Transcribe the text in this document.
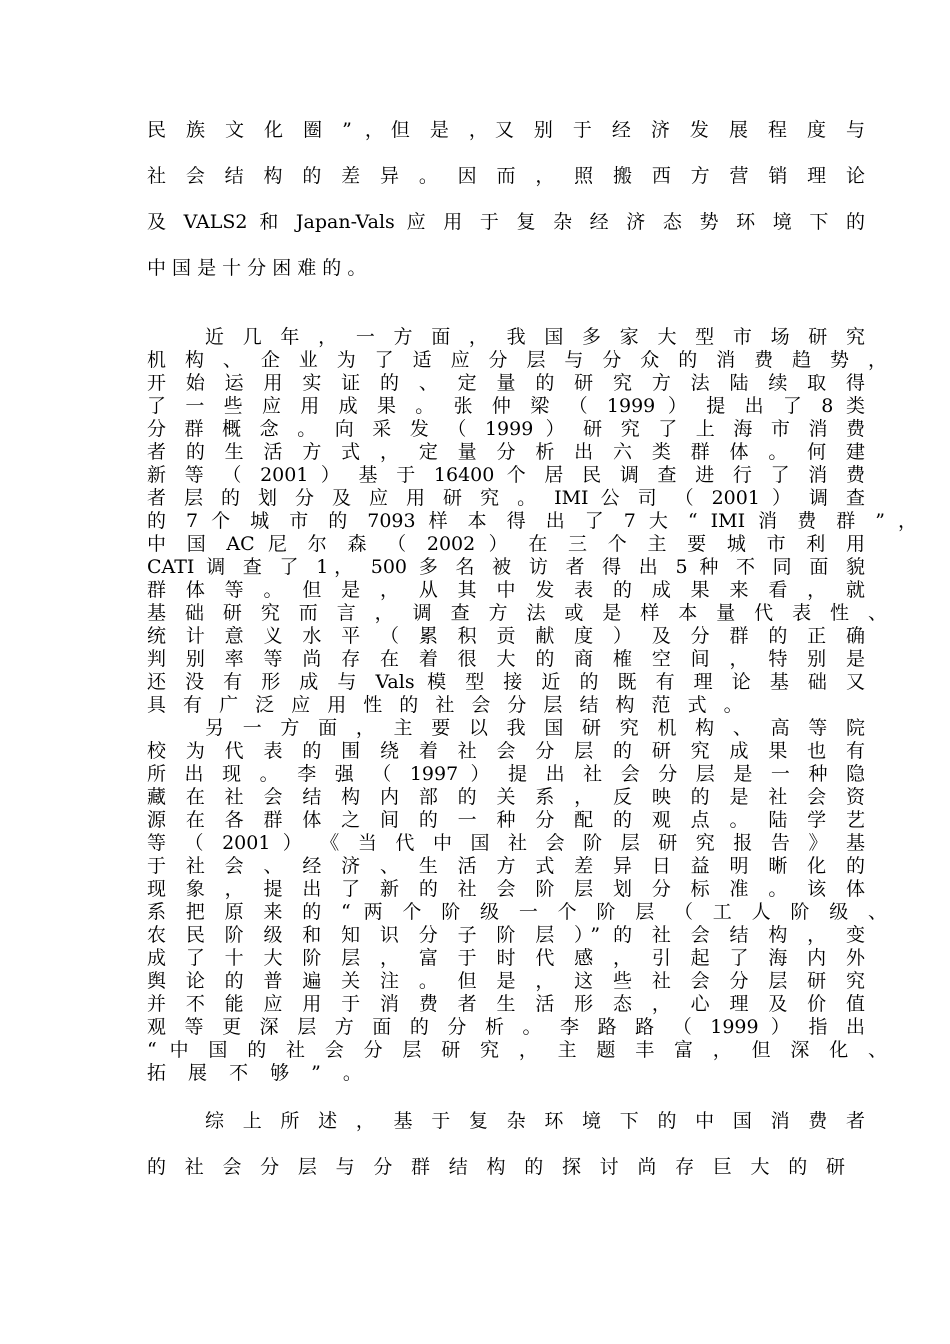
民 族 文 化 圈 ” ，但 是 ，又 别 于 经 济 发 展 程 度 与
社 会 结 构 的 差 异 。 因 而 ， 照 搬 西 方 营 销 理 论
及 VALS2 和 Japan-Vals 应 用 于 复 杂 经 济 态 势 环 境 下 的
中 国 是 十 分 困 难 的 。
近 几 年 ， 一 方 面 ， 我 国 多 家 大 型 市 场 研 究
机 构 、 企 业 为 了 适 应 分 层 与 分 众 的 消 费 趋 势 ，
开 始 运 用 实 证 的 、 定 量 的 研 究 方 法 陆 续 取 得
了 一 些 应 用 成 果 。 张 仲 梁 （ 1999 ） 提 出 了 8 类
分 群 概 念 。 向 采 发 （ 1999 ） 研 究 了 上 海 市 消 费
者 的 生 活 方 式 ， 定 量 分 析 出 六 类 群 体 。 何 建
新 等 （ 2001 ） 基 于 16400 个 居 民 调 查 进 行 了 消 费
者 层 的 划 分 及 应 用 研 究 。 IMI 公 司 （ 2001 ） 调 查
的 7 个 城 市 的 7093 样 本 得 出 了 7 大 “ IMI 消 费 群 ” ，
中 国 AC 尼 尔 森 （ 2002 ） 在 三 个 主 要 城 市 利 用
CATI 调 查 了 1， 500 多 名 被 访 者 得 出 5 种 不 同 面 貌
群 体 等 。 但 是 ， 从 其 中 发 表 的 成 果 来 看 ， 就
基 础 研 究 而 言 ， 调 查 方 法 或 是 样 本 量 代 表 性 、
统 计 意 义 水 平 （ 累 积 贡 献 度 ） 及 分 群 的 正 确
判 别 率 等 尚 存 在 着 很 大 的 商 榷 空 间 ， 特 别 是
还 没 有 形 成 与 Vals 模 型 接 近 的 既 有 理 论 基 础 又
具 有 广 泛 应 用 性 的 社 会 分 层 结 构 范 式 。
另 一 方 面 ， 主 要 以 我 国 研 究 机 构 、 高 等 院
校 为 代 表 的 围 绕 着 社 会 分 层 的 研 究 成 果 也 有
所 出 现 。 李 强 （ 1997 ） 提 出 社 会 分 层 是 一 种 隐
藏 在 社 会 结 构 内 部 的 关 系 ， 反 映 的 是 社 会 资
源 在 各 群 体 之 间 的 一 种 分 配 的 观 点 。 陆 学 艺
等 （ 2001 ） 《 当 代 中 国 社 会 阶 层 研 究 报 告 》 基
于 社 会 、 经 济 、 生 活 方 式 差 异 日 益 明 晰 化 的
现 象 ， 提 出 了 新 的 社 会 阶 层 划 分 标 准 。 该 体
系 把 原 来 的 “ 两 个 阶 级 一 个 阶 层 （ 工 人 阶 级 、
农 民 阶 级 和 知 识 分 子 阶 层 ）” 的 社 会 结 构 ， 变
成 了 十 大 阶 层 ， 富 于 时 代 感 ， 引 起 了 海 内 外
舆 论 的 普 遍 关 注 。 但 是 ， 这 些 社 会 分 层 研 究
并 不 能 应 用 于 消 费 者 生 活 形 态 ， 心 理 及 价 值
观 等 更 深 层 方 面 的 分 析 。 李 路 路 （ 1999 ） 指 出
“ 中 国 的 社 会 分 层 研 究 ， 主 题 丰 富 ， 但 深 化 、
拓 展 不 够 ” 。
综 上 所 述 ， 基 于 复 杂 环 境 下 的 中 国 消 费 者
的 社 会 分 层 与 分 群 结 构 的 探 讨 尚 存 巨 大 的 研
